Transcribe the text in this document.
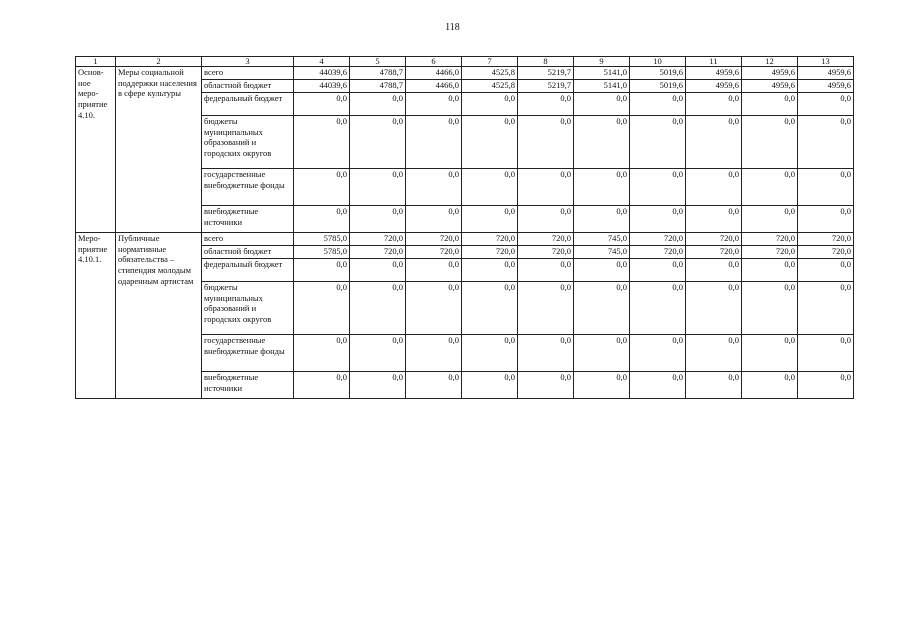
118
1	2	3	4	5	6	7	8	9	10	11	12	13
Основ-ное меро-приятие 4.10.	Меры социальной поддержки населения в сфере культуры	всего	44039,6	4788,7	4466,0	4525,8	5219,7	5141,0	5019,6	4959,6	4959,6	4959,6
		областной бюджет	44039,6	4788,7	4466,0	4525,8	5219,7	5141,0	5019,6	4959,6	4959,6	4959,6
		федеральный бюджет	0,0	0,0	0,0	0,0	0,0	0,0	0,0	0,0	0,0	0,0
		бюджеты муниципальных образований и городских округов	0,0	0,0	0,0	0,0	0,0	0,0	0,0	0,0	0,0	0,0
		государственные внебюджетные фонды	0,0	0,0	0,0	0,0	0,0	0,0	0,0	0,0	0,0	0,0
		внебюджетные источники	0,0	0,0	0,0	0,0	0,0	0,0	0,0	0,0	0,0	0,0
Меро-приятие 4.10.1.	Публичные нормативные обязательства – стипендия молодым одаренным артистам	всего	5785,0	720,0	720,0	720,0	720,0	745,0	720,0	720,0	720,0	720,0
		областной бюджет	5785,0	720,0	720,0	720,0	720,0	745,0	720,0	720,0	720,0	720,0
		федеральный бюджет	0,0	0,0	0,0	0,0	0,0	0,0	0,0	0,0	0,0	0,0
		бюджеты муниципальных образований и городских округов	0,0	0,0	0,0	0,0	0,0	0,0	0,0	0,0	0,0	0,0
		государственные внебюджетные фонды	0,0	0,0	0,0	0,0	0,0	0,0	0,0	0,0	0,0	0,0
		внебюджетные источники	0,0	0,0	0,0	0,0	0,0	0,0	0,0	0,0	0,0	0,0
